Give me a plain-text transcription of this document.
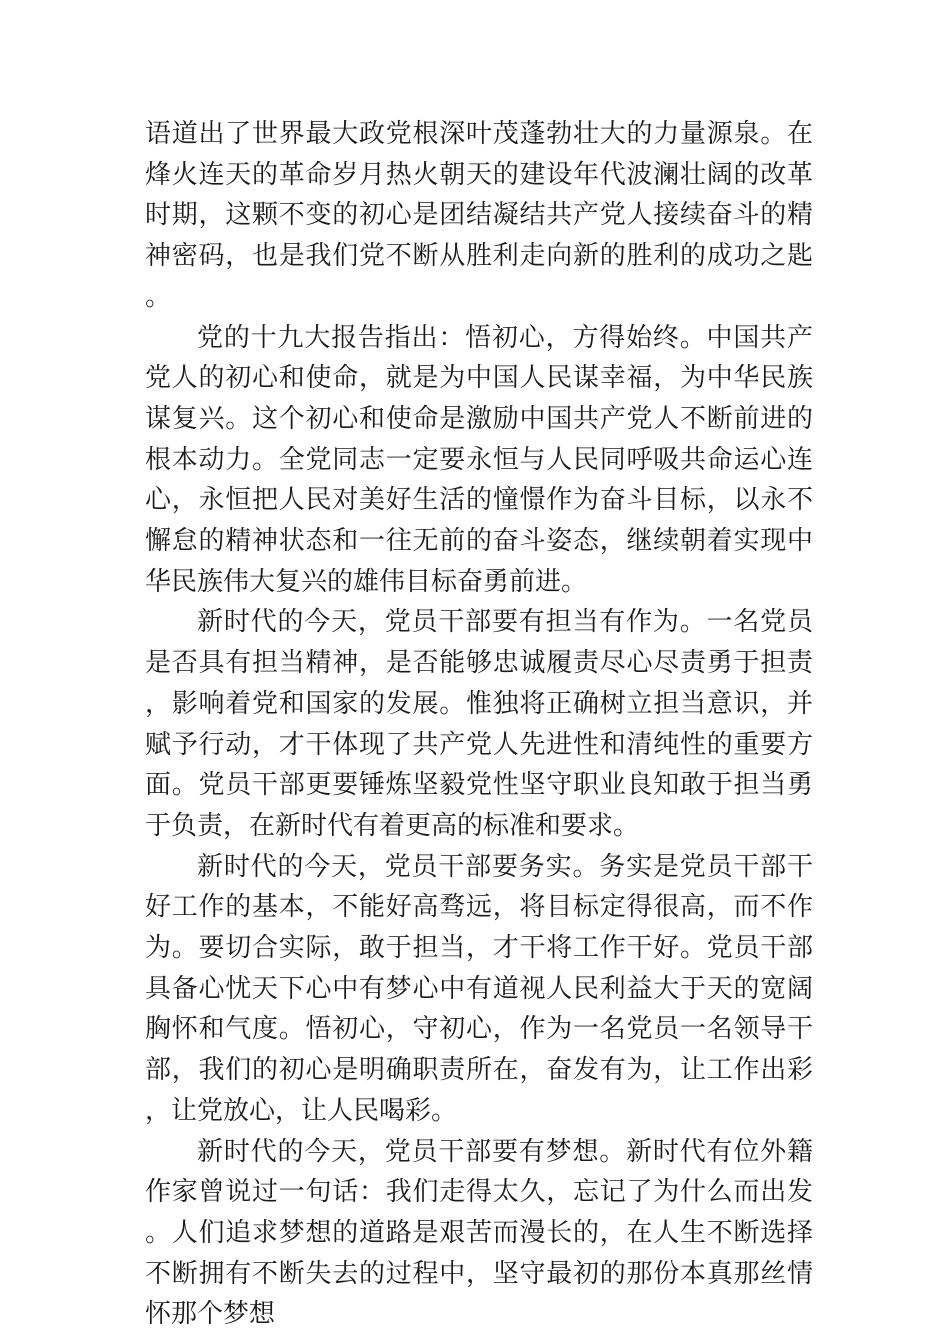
语道出了世界最大政党根深叶茂蓬勃壮大的力量源泉。在烽火连天的革命岁月热火朝天的建设年代波澜壮阔的改革时期，这颗不变的初心是团结凝结共产党人接续奋斗的精神密码，也是我们党不断从胜利走向新的胜利的成功之匙。

党的十九大报告指出：悟初心，方得始终。中国共产党人的初心和使命，就是为中国人民谋幸福，为中华民族谋复兴。这个初心和使命是激励中国共产党人不断前进的根本动力。全党同志一定要永恒与人民同呼吸共命运心连心，永恒把人民对美好生活的憧憬作为奋斗目标，以永不懈怠的精神状态和一往无前的奋斗姿态，继续朝着实现中华民族伟大复兴的雄伟目标奋勇前进。

新时代的今天，党员干部要有担当有作为。一名党员是否具有担当精神，是否能够忠诚履责尽心尽责勇于担责，影响着党和国家的发展。惟独将正确树立担当意识，并赋予行动，才干体现了共产党人先进性和清纯性的重要方面。党员干部更要锤炼坚毅党性坚守职业良知敢于担当勇于负责，在新时代有着更高的标准和要求。

新时代的今天，党员干部要务实。务实是党员干部干好工作的基本，不能好高骛远，将目标定得很高，而不作为。要切合实际，敢于担当，才干将工作干好。党员干部具备心忧天下心中有梦心中有道视人民利益大于天的宽阔胸怀和气度。悟初心，守初心，作为一名党员一名领导干部，我们的初心是明确职责所在，奋发有为，让工作出彩，让党放心，让人民喝彩。

新时代的今天，党员干部要有梦想。新时代有位外籍作家曾说过一句话：我们走得太久，忘记了为什么而出发。人们追求梦想的道路是艰苦而漫长的，在人生不断选择不断拥有不断失去的过程中，坚守最初的那份本真那丝情怀那个梦想
